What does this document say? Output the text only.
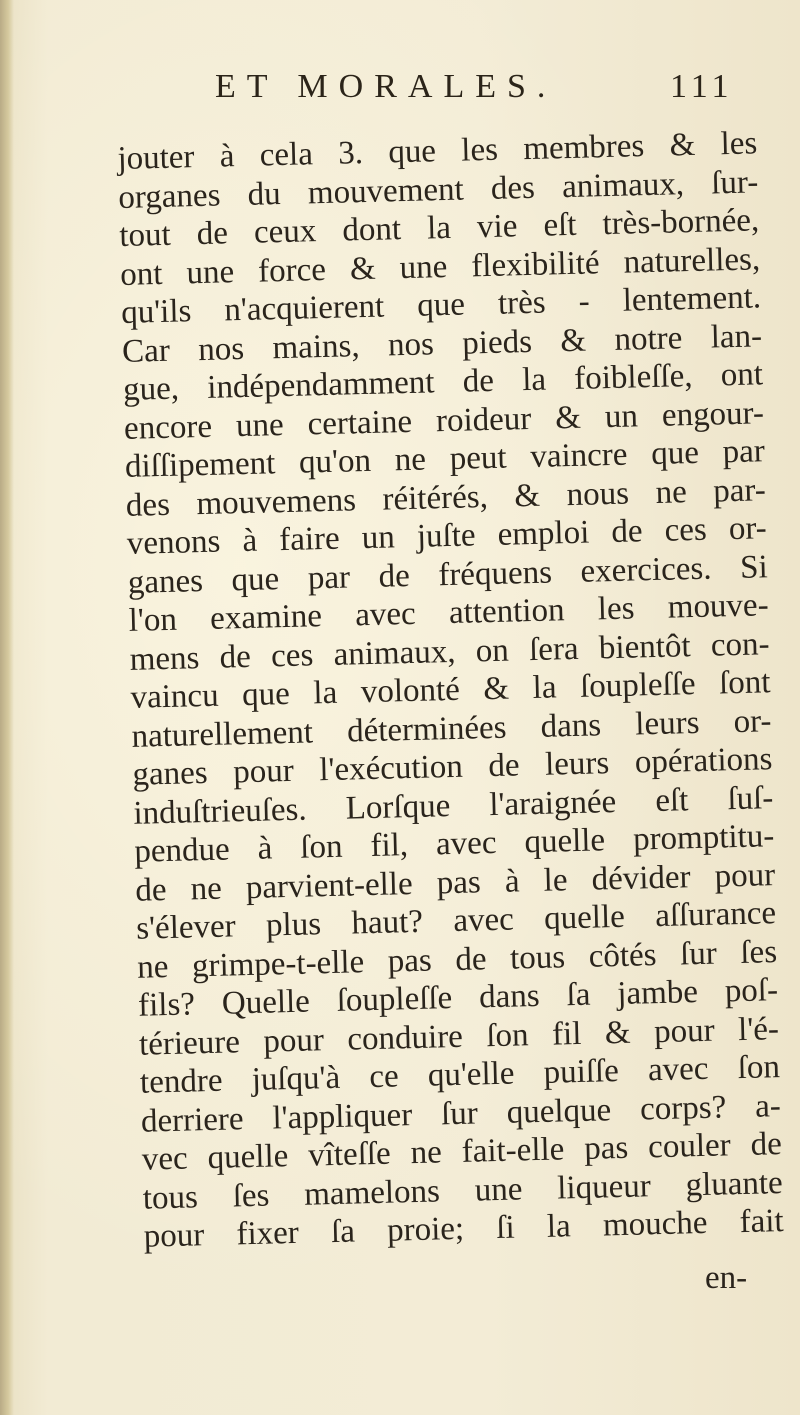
ET MORALES.	111
jouter à cela 3. que les membres & les
organes du mouvement des animaux, ſur-
tout de ceux dont la vie eſt très-bornée,
ont une force & une flexibilité naturelles,
qu'ils n'acquierent que très - lentement.
Car nos mains, nos pieds & notre lan-
gue, indépendamment de la foibleſſe, ont
encore une certaine roideur & un engour-
diſſipement qu'on ne peut vaincre que par
des mouvemens réitérés, & nous ne par-
venons à faire un juſte emploi de ces or-
ganes que par de fréquens exercices. Si
l'on examine avec attention les mouve-
mens de ces animaux, on ſera bientôt con-
vaincu que la volonté & la ſoupleſſe ſont
naturellement déterminées dans leurs or-
ganes pour l'exécution de leurs opérations
induſtrieuſes. Lorſque l'araignée eſt ſuſ-
pendue à ſon fil, avec quelle promptitu-
de ne parvient-elle pas à le dévider pour
s'élever plus haut? avec quelle aſſurance
ne grimpe-t-elle pas de tous côtés ſur ſes
fils? Quelle ſoupleſſe dans ſa jambe poſ-
térieure pour conduire ſon fil & pour l'é-
tendre juſqu'à ce qu'elle puiſſe avec ſon
derriere l'appliquer ſur quelque corps? a-
vec quelle vîteſſe ne fait-elle pas couler de
tous ſes mamelons une liqueur gluante
pour fixer ſa proie; ſi la mouche fait
en-
